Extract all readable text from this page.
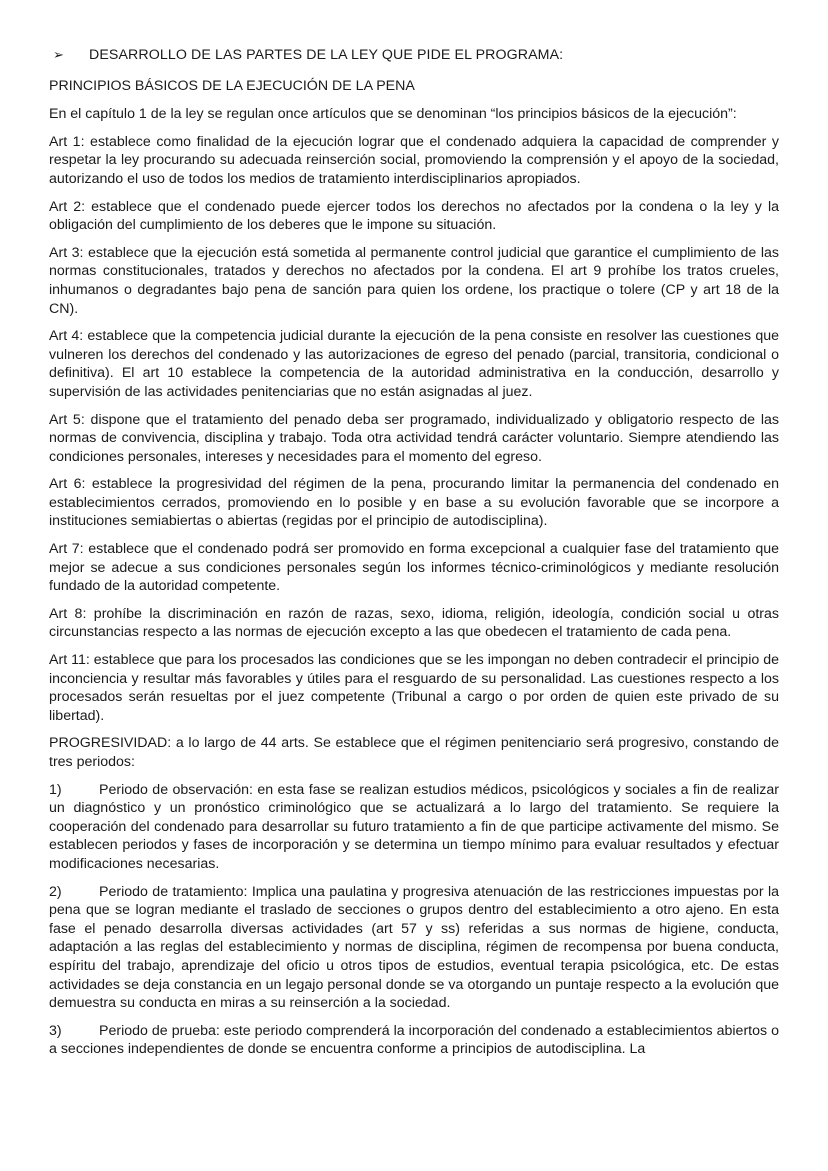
➢	DESARROLLO DE LAS PARTES DE LA LEY QUE PIDE EL PROGRAMA:
PRINCIPIOS BÁSICOS DE LA EJECUCIÓN DE LA PENA

En el capítulo 1 de la ley se regulan once artículos que se denominan “los principios básicos de la ejecución”:

Art 1: establece como finalidad de la ejecución lograr que el condenado adquiera la capacidad de comprender y respetar la ley procurando su adecuada reinserción social, promoviendo la comprensión y el apoyo de la sociedad, autorizando el uso de todos los medios de tratamiento interdisciplinarios apropiados.

Art 2: establece que el condenado puede ejercer todos los derechos no afectados por la condena o la ley y la obligación del cumplimiento de los deberes que le impone su situación.

Art 3: establece que la ejecución está sometida al permanente control judicial que garantice el cumplimiento de las normas constitucionales, tratados y derechos no afectados por la condena. El art 9 prohíbe los tratos crueles, inhumanos o degradantes bajo pena de sanción para quien los ordene, los practique o tolere (CP y art 18 de la CN).

Art 4: establece que la competencia judicial durante la ejecución de la pena consiste en resolver las cuestiones que vulneren los derechos del condenado y las autorizaciones de egreso del penado (parcial, transitoria, condicional o definitiva). El art 10 establece la competencia de la autoridad administrativa en la conducción, desarrollo y supervisión de las actividades penitenciarias que no están asignadas al juez.

Art 5: dispone que el tratamiento del penado deba ser programado, individualizado y obligatorio respecto de las normas de convivencia, disciplina y trabajo. Toda otra actividad tendrá carácter voluntario. Siempre atendiendo las condiciones personales, intereses y necesidades para el momento del egreso.

Art 6: establece la progresividad del régimen de la pena, procurando limitar la permanencia del condenado en establecimientos cerrados, promoviendo en lo posible y en base a su evolución favorable que se incorpore a instituciones semiabiertas o abiertas (regidas por el principio de autodisciplina).

Art 7: establece que el condenado podrá ser promovido en forma excepcional a cualquier fase del tratamiento que mejor se adecue a sus condiciones personales según los informes técnico-criminológicos y mediante resolución fundado de la autoridad competente.

Art 8: prohíbe la discriminación en razón de razas, sexo, idioma, religión, ideología, condición social u otras circunstancias respecto a las normas de ejecución excepto a las que obedecen el tratamiento de cada pena.

Art 11: establece que para los procesados las condiciones que se les impongan no deben contradecir el principio de inconciencia y resultar más favorables y útiles para el resguardo de su personalidad. Las cuestiones respecto a los procesados serán resueltas por el juez competente (Tribunal a cargo o por orden de quien este privado de su libertad).

PROGRESIVIDAD: a lo largo de 44 arts. Se establece que el régimen penitenciario será progresivo, constando de tres periodos:

1)	Periodo de observación: en esta fase se realizan estudios médicos, psicológicos y sociales a fin de realizar un diagnóstico y un pronóstico criminológico que se actualizará a lo largo del tratamiento. Se requiere la cooperación del condenado para desarrollar su futuro tratamiento a fin de que participe activamente del mismo. Se establecen periodos y fases de incorporación y se determina un tiempo mínimo para evaluar resultados y efectuar modificaciones necesarias.

2)	Periodo de tratamiento: Implica una paulatina y progresiva atenuación de las restricciones impuestas por la pena que se logran mediante el traslado de secciones o grupos dentro del establecimiento a otro ajeno. En esta fase el penado desarrolla diversas actividades (art 57 y ss) referidas a sus normas de higiene, conducta, adaptación a las reglas del establecimiento y normas de disciplina, régimen de recompensa por buena conducta, espíritu del trabajo, aprendizaje del oficio u otros tipos de estudios, eventual terapia psicológica, etc. De estas actividades se deja constancia en un legajo personal donde se va otorgando un puntaje respecto a la evolución que demuestra su conducta en miras a su reinserción a la sociedad.

3)	Periodo de prueba: este periodo comprenderá la incorporación del condenado a establecimientos abiertos o a secciones independientes de donde se encuentra conforme a principios de autodisciplina. La
